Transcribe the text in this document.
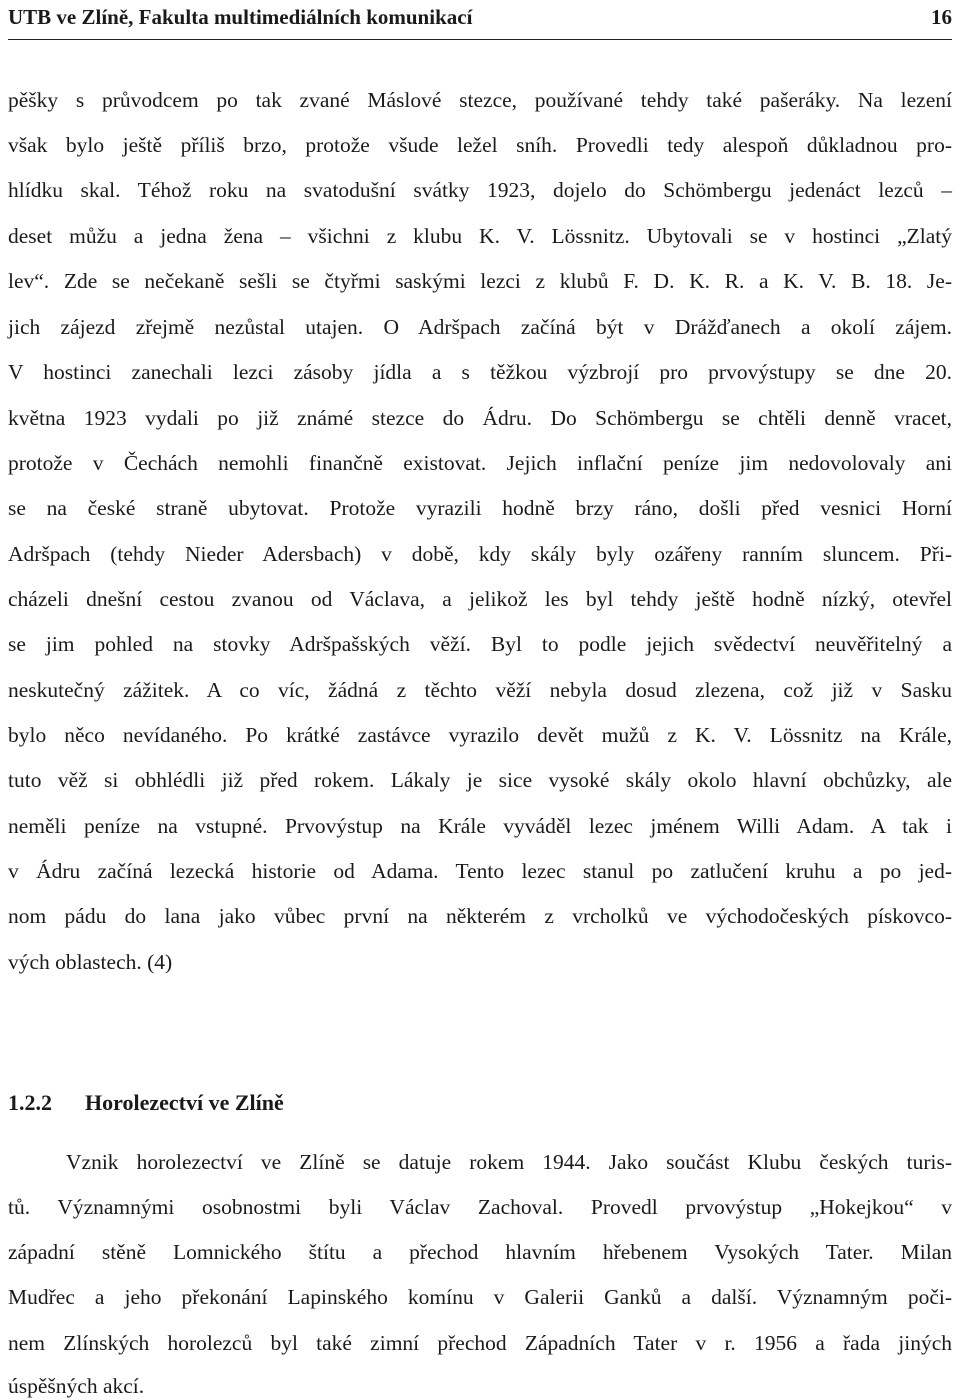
UTB ve Zlíně, Fakulta multimediálních komunikací	16
pěšky s průvodcem po tak zvané Máslové stezce, používané tehdy také pašeráky. Na lezení
však bylo ještě příliš brzo, protože všude ležel sníh. Provedli tedy alespoň důkladnou pro-
hlídku skal. Téhož roku na svatodušní svátky 1923, dojelo do Schömbergu jedenáct lezců –
deset můžu a jedna žena – všichni z klubu K. V. Lössnitz. Ubytovali se v hostinci „Zlatý
lev“. Zde se nečekaně sešli se čtyřmi saskými lezci z klubů F. D. K. R. a K. V. B. 18. Je-
jich zájezd zřejmě nezůstal utajen. O Adršpach začíná být v Drážďanech a okolí zájem.
V hostinci zanechali lezci zásoby jídla a s těžkou výzbrojí pro prvovýstupy se dne 20.
května 1923 vydali po již známé stezce do Ádru. Do Schömbergu se chtěli denně vracet,
protože v Čechách nemohli finančně existovat. Jejich inflační peníze jim nedovolovaly ani
se na české straně ubytovat. Protože vyrazili hodně brzy ráno, došli před vesnici Horní
Adršpach (tehdy Nieder Adersbach) v době, kdy skály byly ozářeny ranním sluncem. Při-
cházeli dnešní cestou zvanou od Václava, a jelikož les byl tehdy ještě hodně nízký, otevřel
se jim pohled na stovky Adršpašských věží. Byl to podle jejich svědectví neuvěřitelný a
neskutečný zážitek. A co víc, žádná z těchto věží nebyla dosud zlezena, což již v Sasku
bylo něco nevídaného. Po krátké zastávce vyrazilo devět mužů z K. V. Lössnitz na Krále,
tuto věž si obhlédli již před rokem. Lákaly je sice vysoké skály okolo hlavní obchůzky, ale
neměli peníze na vstupné. Prvovýstup na Krále vyváděl lezec jménem Willi Adam. A tak i
v Ádru začíná lezecká historie od Adama. Tento lezec stanul po zatlučení kruhu a po jed-
nom pádu do lana jako vůbec první na některém z vrcholků ve východočeských pískovco-
vých oblastech. (4)
1.2.2 Horolezectví ve Zlíně
Vznik horolezectví ve Zlíně se datuje rokem 1944. Jako součást Klubu českých turis-
tů. Významnými osobnostmi byli Václav Zachoval. Provedl prvovýstup „Hokejkou“ v
západní stěně Lomnického štítu a přechod hlavním hřebenem Vysokých Tater. Milan
Mudřec a jeho překonání Lapinského komínu v Galerii Ganků a další. Významným poči-
nem Zlínských horolezců byl také zimní přechod Západních Tater v r. 1956 a řada jiných
úspěšných akcí.
